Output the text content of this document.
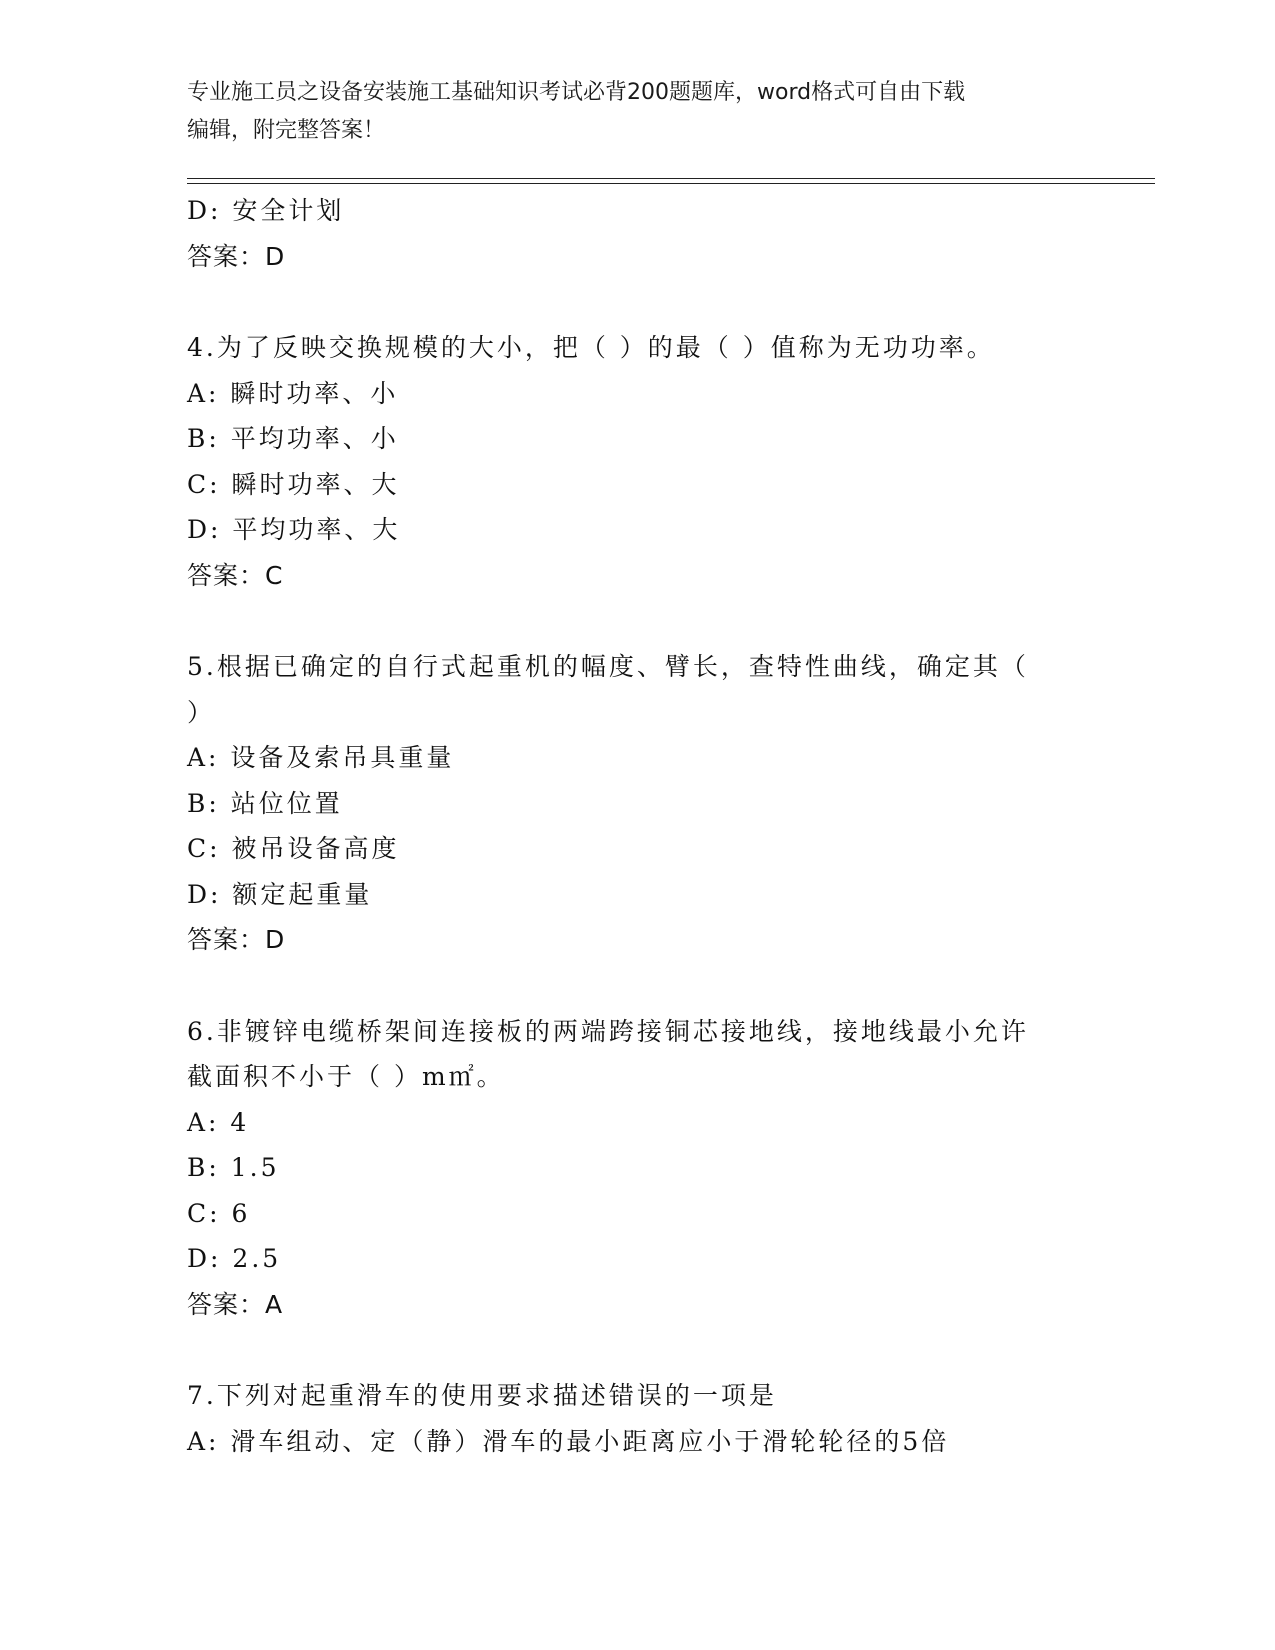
专业施工员之设备安装施工基础知识考试必背200题题库，word格式可自由下载
编辑，附完整答案！
D: 安全计划
答案：D
4.为了反映交换规模的大小，把（ ）的最（ ）值称为无功功率。
A: 瞬时功率、小
B: 平均功率、小
C: 瞬时功率、大
D: 平均功率、大
答案：C
5.根据已确定的自行式起重机的幅度、臂长，查特性曲线，确定其（
）
A: 设备及索吊具重量
B: 站位位置
C: 被吊设备高度
D: 额定起重量
答案：D
6.非镀锌电缆桥架间连接板的两端跨接铜芯接地线，接地线最小允许
截面积不小于（ ）m㎡。
A: 4
B: 1.5
C: 6
D: 2.5
答案：A
7.下列对起重滑车的使用要求描述错误的一项是
A: 滑车组动、定（静）滑车的最小距离应小于滑轮轮径的5倍
